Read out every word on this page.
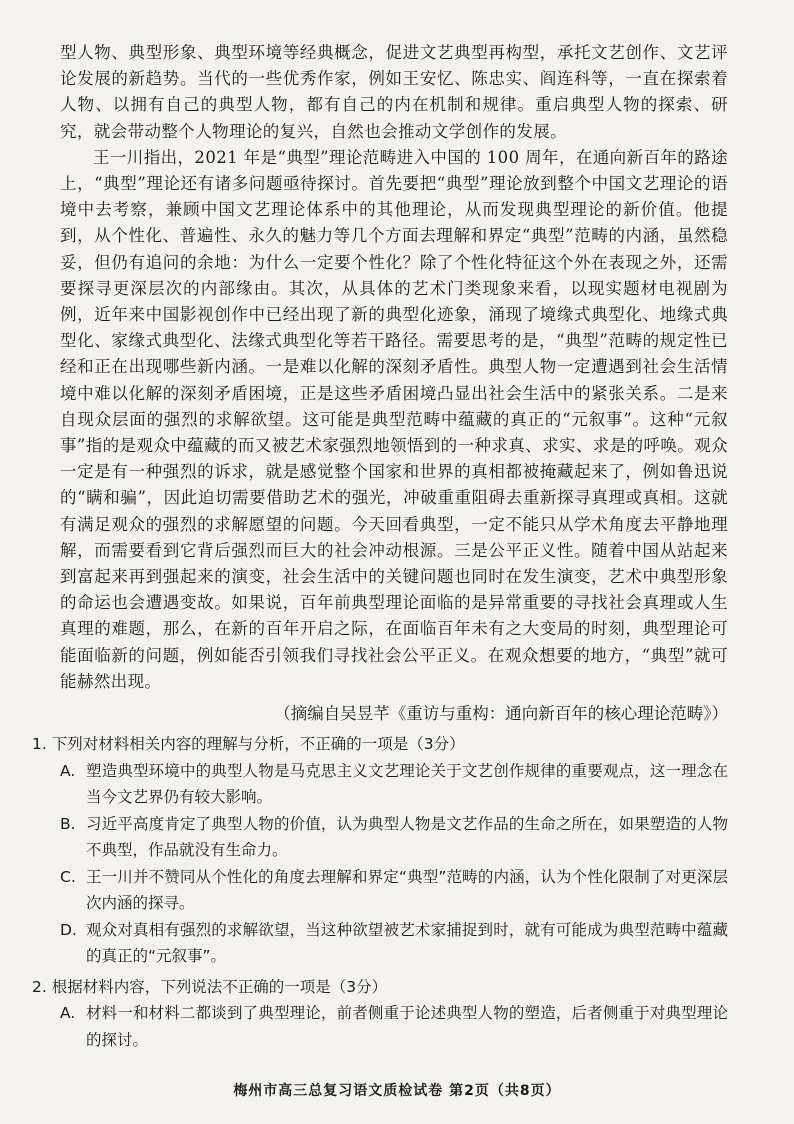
型人物、典型形象、典型环境等经典概念，促进文艺典型再构型，承托文艺创作、文艺评论发展的新趋势。当代的一些优秀作家，例如王安忆、陈忠实、阎连科等，一直在探索着人物、以拥有自己的典型人物，都有自己的内在机制和规律。重启典型人物的探索、研究，就会带动整个人物理论的复兴，自然也会推动文学创作的发展。

王一川指出，2021 年是“典型”理论范畴进入中国的 100 周年，在通向新百年的路途上，“典型”理论还有诸多问题亟待探讨。首先要把“典型”理论放到整个中国文艺理论的语境中去考察，兼顾中国文艺理论体系中的其他理论，从而发现典型理论的新价值。他提到，从个性化、普遍性、永久的魅力等几个方面去理解和界定“典型”范畴的内涵，虽然稳妥，但仍有追问的余地：为什么一定要个性化？除了个性化特征这个外在表现之外，还需要探寻更深层次的内部缘由。其次，从具体的艺术门类现象来看，以现实题材电视剧为例，近年来中国影视创作中已经出现了新的典型化迹象，涌现了境缘式典型化、地缘式典型化、家缘式典型化、法缘式典型化等若干路径。需要思考的是，“典型”范畴的规定性已经和正在出现哪些新内涵。一是难以化解的深刻矛盾性。典型人物一定遭遇到社会生活情境中难以化解的深刻矛盾困境，正是这些矛盾困境凸显出社会生活中的紧张关系。二是来自现众层面的强烈的求解欲望。这可能是典型范畴中蕴藏的真正的“元叙事”。这种“元叙事”指的是观众中蕴藏的而又被艺术家强烈地领悟到的一种求真、求实、求是的呼唤。观众一定是有一种强烈的诉求，就是感觉整个国家和世界的真相都被掩藏起来了，例如鲁迅说的“瞒和骗”，因此迫切需要借助艺术的强光，冲破重重阻碍去重新探寻真理或真相。这就有满足观众的强烈的求解愿望的问题。今天回看典型，一定不能只从学术角度去平静地理解，而需要看到它背后强烈而巨大的社会冲动根源。三是公平正义性。随着中国从站起来到富起来再到强起来的演变，社会生活中的关键问题也同时在发生演变，艺术中典型形象的命运也会遭遇变故。如果说，百年前典型理论面临的是异常重要的寻找社会真理或人生真理的难题，那么，在新的百年开启之际，在面临百年未有之大变局的时刻，典型理论可能面临新的问题，例如能否引领我们寻找社会公平正义。在观众想要的地方，“典型”就可能赫然出现。

（摘编自吴昱芊《重访与重构：通向新百年的核心理论范畴》）
1. 下列对材料相关内容的理解与分析，不正确的一项是（3分）
A. 塑造典型环境中的典型人物是马克思主义文艺理论关于文艺创作规律的重要观点，这一理念在当今文艺界仍有较大影响。
B. 习近平高度肯定了典型人物的价值，认为典型人物是文艺作品的生命之所在，如果塑造的人物不典型，作品就没有生命力。
C. 王一川并不赞同从个性化的角度去理解和界定“典型”范畴的内涵，认为个性化限制了对更深层次内涵的探寻。
D. 观众对真相有强烈的求解欲望，当这种欲望被艺术家捕捉到时，就有可能成为典型范畴中蕴藏的真正的“元叙事”。
2. 根据材料内容，下列说法不正确的一项是（3分）
A. 材料一和材料二都谈到了典型理论，前者侧重于论述典型人物的塑造，后者侧重于对典型理论的探讨。
梅州市高三总复习语文质检试卷 第2页（共8页）
